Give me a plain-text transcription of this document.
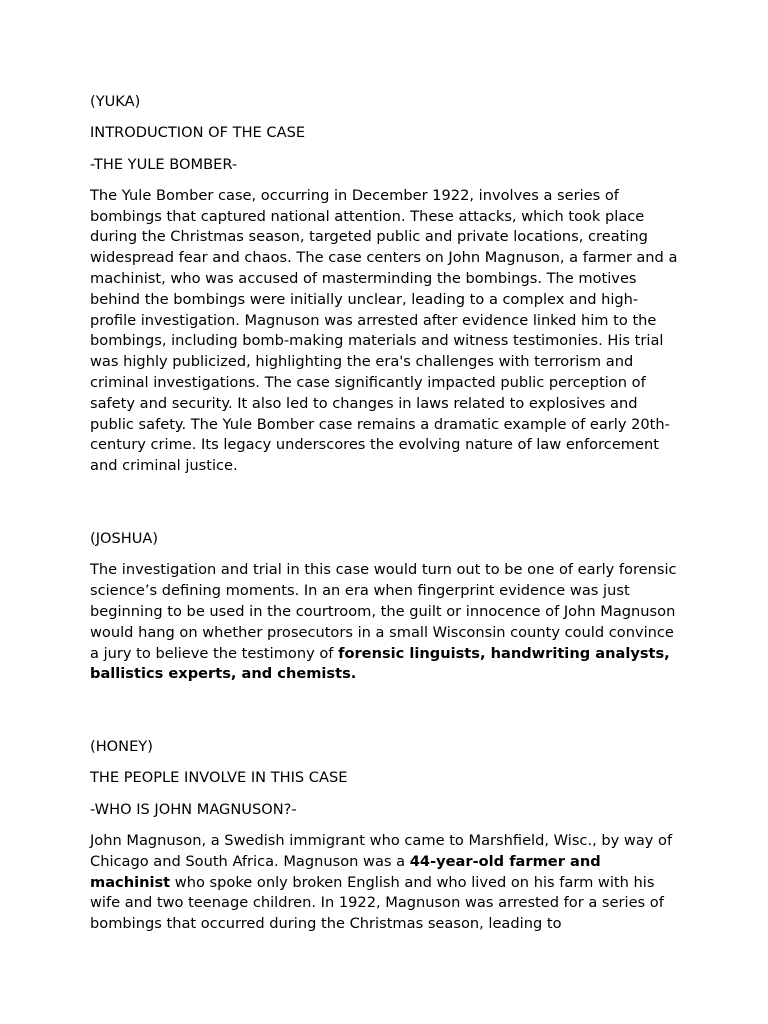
(YUKA)

INTRODUCTION OF THE CASE

-THE YULE BOMBER-

The Yule Bomber case, occurring in December 1922, involves a series of bombings that captured national attention. These attacks, which took place during the Christmas season, targeted public and private locations, creating widespread fear and chaos. The case centers on John Magnuson, a farmer and a machinist, who was accused of masterminding the bombings. The motives behind the bombings were initially unclear, leading to a complex and high-profile investigation. Magnuson was arrested after evidence linked him to the bombings, including bomb-making materials and witness testimonies. His trial was highly publicized, highlighting the era's challenges with terrorism and criminal investigations. The case significantly impacted public perception of safety and security. It also led to changes in laws related to explosives and public safety. The Yule Bomber case remains a dramatic example of early 20th-century crime. Its legacy underscores the evolving nature of law enforcement and criminal justice.

(JOSHUA)

The investigation and trial in this case would turn out to be one of early forensic science’s defining moments. In an era when fingerprint evidence was just beginning to be used in the courtroom, the guilt or innocence of John Magnuson would hang on whether prosecutors in a small Wisconsin county could convince a jury to believe the testimony of forensic linguists, handwriting analysts, ballistics experts, and chemists.

(HONEY)

THE PEOPLE INVOLVE IN THIS CASE

-WHO IS JOHN MAGNUSON?-

John Magnuson, a Swedish immigrant who came to Marshfield, Wisc., by way of Chicago and South Africa. Magnuson was a 44-year-old farmer and machinist who spoke only broken English and who lived on his farm with his wife and two teenage children. In 1922, Magnuson was arrested for a series of bombings that occurred during the Christmas season, leading to
